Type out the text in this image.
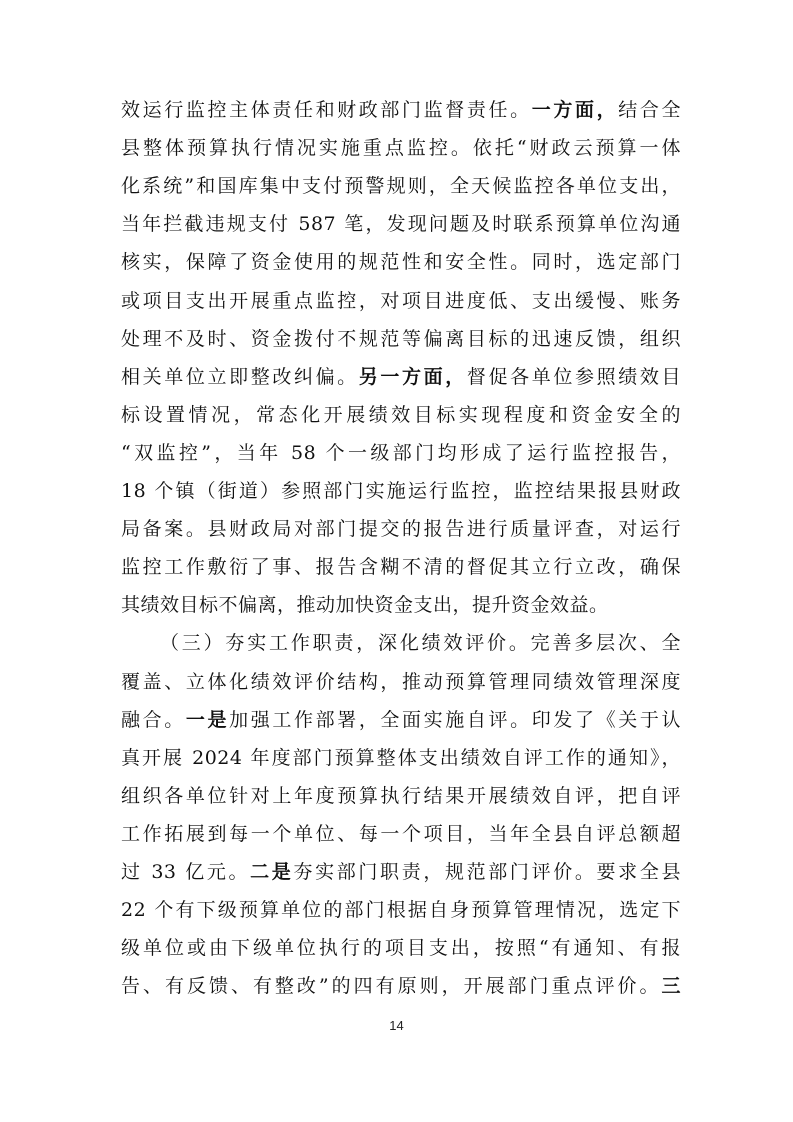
效运行监控主体责任和财政部门监督责任。一方面，结合全
县整体预算执行情况实施重点监控。依托“财政云预算一体
化系统”和国库集中支付预警规则，全天候监控各单位支出，
当年拦截违规支付 587 笔，发现问题及时联系预算单位沟通
核实，保障了资金使用的规范性和安全性。同时，选定部门
或项目支出开展重点监控，对项目进度低、支出缓慢、账务
处理不及时、资金拨付不规范等偏离目标的迅速反馈，组织
相关单位立即整改纠偏。另一方面，督促各单位参照绩效目
标设置情况，常态化开展绩效目标实现程度和资金安全的
“双监控”，当年 58 个一级部门均形成了运行监控报告，
18 个镇（街道）参照部门实施运行监控，监控结果报县财政
局备案。县财政局对部门提交的报告进行质量评查，对运行
监控工作敷衍了事、报告含糊不清的督促其立行立改，确保
其绩效目标不偏离，推动加快资金支出，提升资金效益。
（三）夯实工作职责，深化绩效评价。完善多层次、全
覆盖、立体化绩效评价结构，推动预算管理同绩效管理深度
融合。一是加强工作部署，全面实施自评。印发了《关于认
真开展 2024 年度部门预算整体支出绩效自评工作的通知》，
组织各单位针对上年度预算执行结果开展绩效自评，把自评
工作拓展到每一个单位、每一个项目，当年全县自评总额超
过 33 亿元。二是夯实部门职责，规范部门评价。要求全县
22 个有下级预算单位的部门根据自身预算管理情况，选定下
级单位或由下级单位执行的项目支出，按照“有通知、有报
告、有反馈、有整改”的四有原则，开展部门重点评价。三
14
